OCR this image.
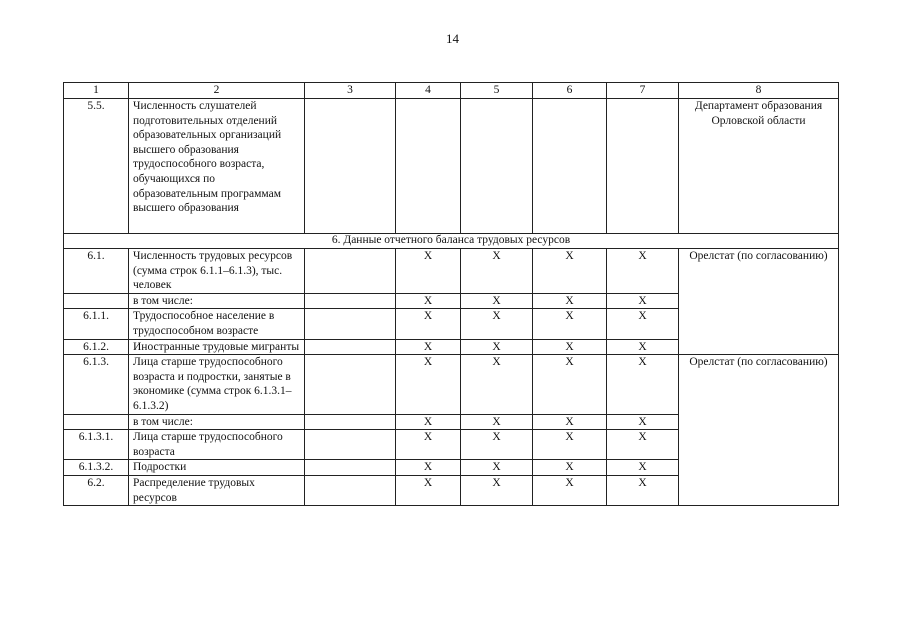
14
1	2	3	4	5	6	7	8
5.5.	Численность слушателей подготовительных отделений образовательных организаций высшего образования трудоспособного возраста, обучающихся по образовательным программам высшего образования						Департамент образования Орловской области
6. Данные отчетного баланса трудовых ресурсов							
6.1.	Численность трудовых ресурсов (сумма строк 6.1.1–6.1.3), тыс. человек		X	X	X	X	Орелстат (по согласованию)
	в том числе:		X	X	X	X	
6.1.1.	Трудоспособное население в трудоспособном возрасте		X	X	X	X	
6.1.2.	Иностранные трудовые мигранты		X	X	X	X	
6.1.3.	Лица старше трудоспособного возраста и подростки, занятые в экономике (сумма строк 6.1.3.1–6.1.3.2)		X	X	X	X	Орелстат (по согласованию)
	в том числе:		X	X	X	X	
6.1.3.1.	Лица старше трудоспособного возраста		X	X	X	X	
6.1.3.2.	Подростки		X	X	X	X	
6.2.	Распределение трудовых ресурсов		X	X	X	X	
